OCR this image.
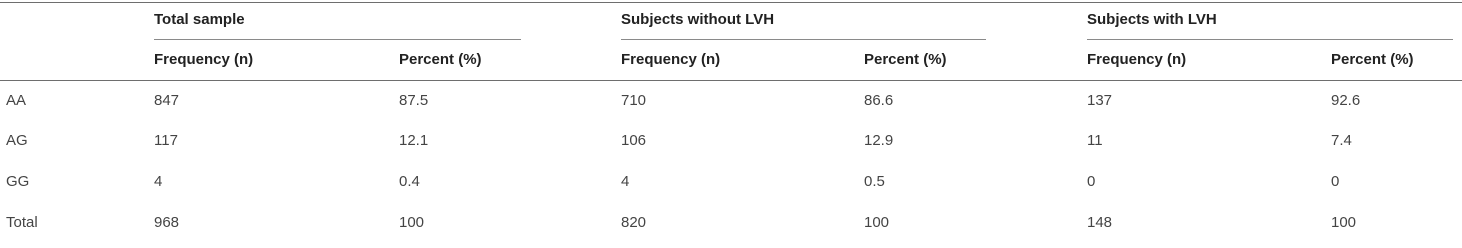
Total sample	Subjects without LVH	Subjects with LVH
Frequency (n)	Percent (%)	Frequency (n)	Percent (%)	Frequency (n)	Percent (%)
AA	847	87.5	710	86.6	137	92.6
AG	117	12.1	106	12.9	11	7.4
GG	4	0.4	4	0.5	0	0
Total	968	100	820	100	148	100
